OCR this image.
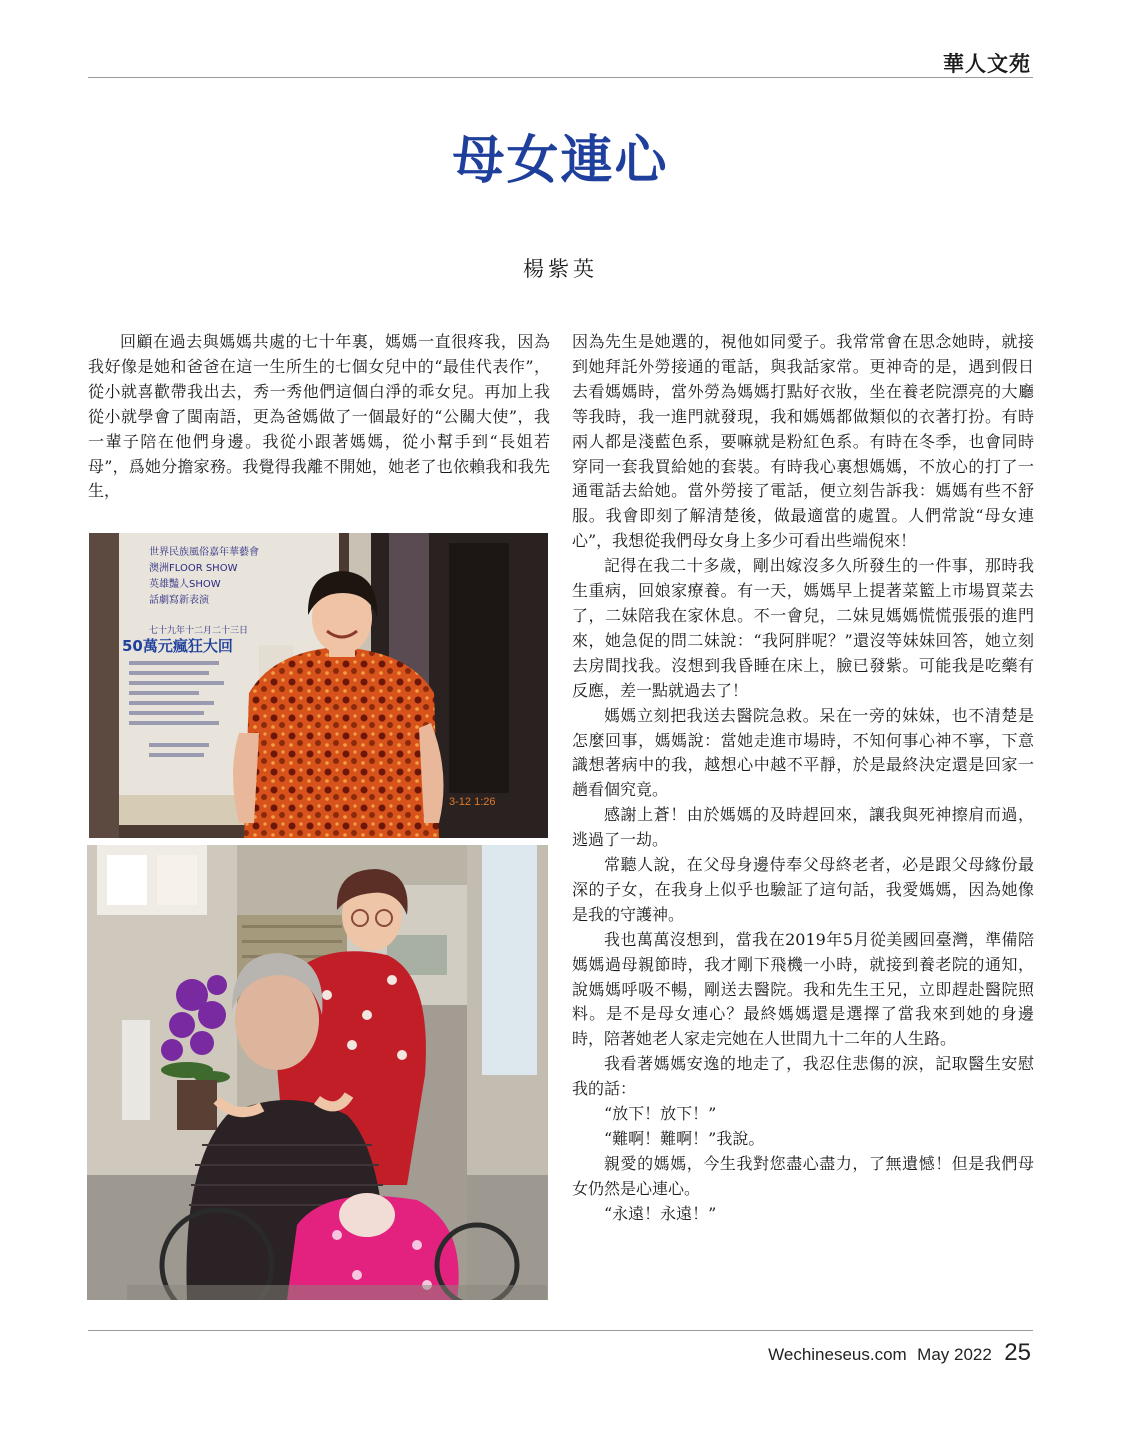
華人文苑
母女連心
楊紫英

回顧在過去與媽媽共處的七十年裏，媽媽一直很疼我，因為我好像是她和爸爸在這一生所生的七個女兒中的“最佳代表作”，從小就喜歡帶我出去，秀一秀他們這個白淨的乖女兒。再加上我從小就學會了閩南語，更為爸媽做了一個最好的“公關大使”，我一輩子陪在他們身邊。我從小跟著媽媽，從小幫手到“長姐若母”，爲她分擔家務。我覺得我離不開她，她老了也依賴我和我先生，

因為先生是她選的，視他如同愛子。我常常會在思念她時，就接到她拜託外勞接通的電話，與我話家常。更神奇的是，遇到假日去看媽媽時，當外勞為媽媽打點好衣妝，坐在養老院漂亮的大廳等我時，我一進門就發現，我和媽媽都做類似的衣著打扮。有時兩人都是淺藍色系，要嘛就是粉紅色系。有時在冬季，也會同時穿同一套我買給她的套裝。有時我心裏想媽媽，不放心的打了一通電話去給她。當外勞接了電話，便立刻告訴我：媽媽有些不舒服。我會即刻了解清楚後，做最適當的處置。人們常說“母女連心”，我想從我們母女身上多少可看出些端倪來！

記得在我二十多歲，剛出嫁沒多久所發生的一件事，那時我生重病，回娘家療養。有一天，媽媽早上提著菜籃上市場買菜去了，二妹陪我在家休息。不一會兒，二妹見媽媽慌慌張張的進門來，她急促的問二妹說：“我阿胖呢？”還沒等妹妹回答，她立刻去房間找我。沒想到我昏睡在床上，臉已發紫。可能我是吃藥有反應，差一點就過去了！

媽媽立刻把我送去醫院急救。呆在一旁的妹妹，也不清楚是怎麼回事，媽媽說：當她走進市場時，不知何事心神不寧，下意識想著病中的我，越想心中越不平靜，於是最終決定還是回家一趟看個究竟。

感謝上蒼！由於媽媽的及時趕回來，讓我與死神擦肩而過，逃過了一劫。

常聽人說，在父母身邊侍奉父母終老者，必是跟父母緣份最深的子女，在我身上似乎也驗証了這句話，我愛媽媽，因為她像是我的守護神。

我也萬萬沒想到，當我在2019年5月從美國回臺灣，準備陪媽媽過母親節時，我才剛下飛機一小時，就接到養老院的通知，說媽媽呼吸不暢，剛送去醫院。我和先生王兄，立即趕赴醫院照料。是不是母女連心？最終媽媽還是選擇了當我來到她的身邊時，陪著她老人家走完她在人世間九十二年的人生路。

我看著媽媽安逸的地走了，我忍住悲傷的淚，記取醫生安慰我的話：

“放下！放下！”

“難啊！難啊！”我說。

親愛的媽媽，今生我對您盡心盡力，了無遺憾！但是我們母女仍然是心連心。

“永遠！永遠！”

3-12 1:26
世界民族風俗嘉年華藝會
澳洲FLOOR SHOW
英雄豔人SHOW
話劇寫新表演
七十九年十二月二十三日
50萬元瘋狂大回
Wechineseus.com May 2022 25
